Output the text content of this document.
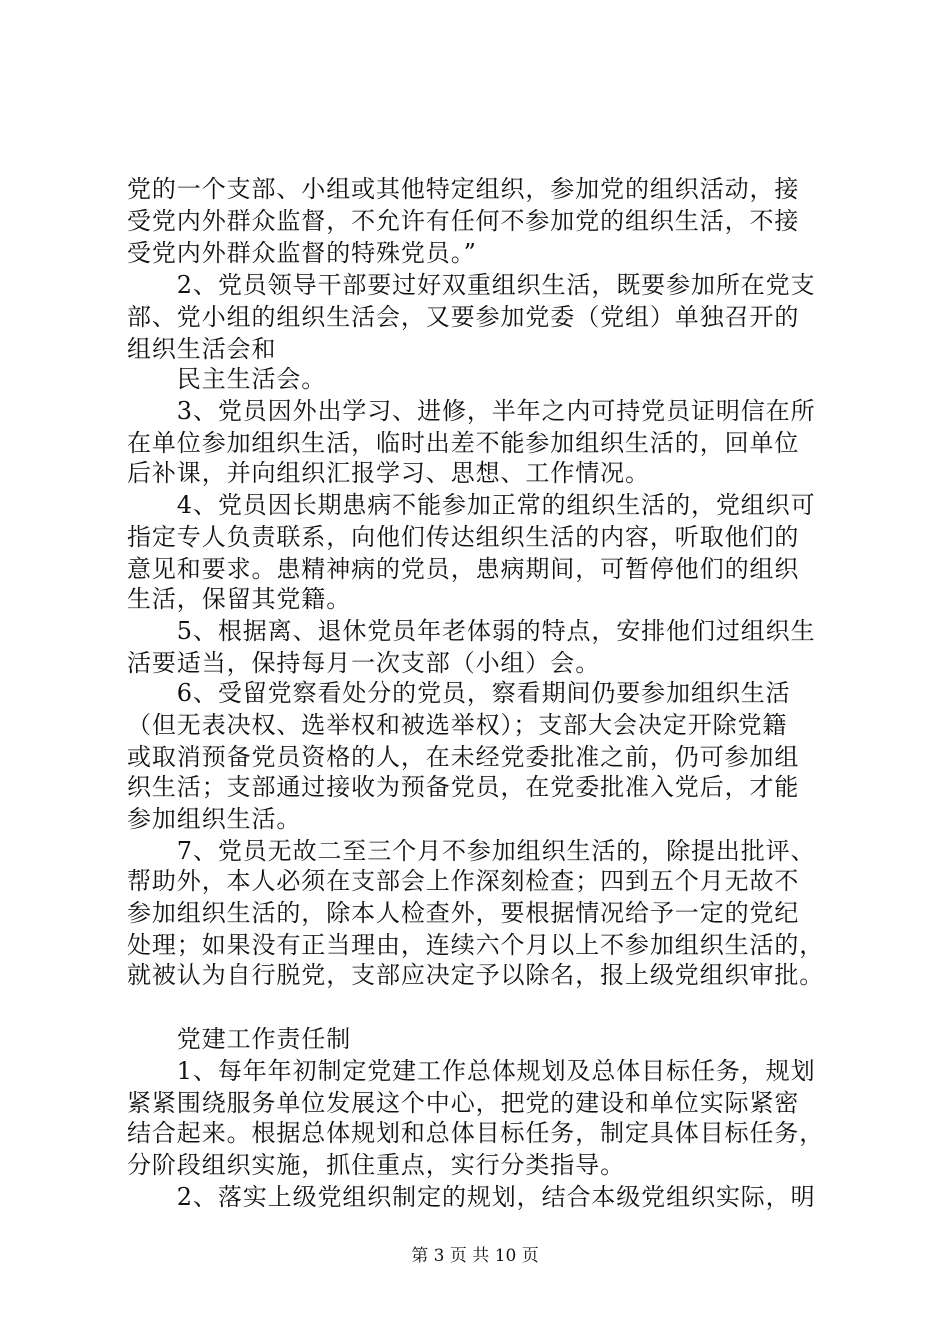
党的一个支部、小组或其他特定组织，参加党的组织活动，接
受党内外群众监督，不允许有任何不参加党的组织生活，不接
受党内外群众监督的特殊党员。”
　　2、党员领导干部要过好双重组织生活，既要参加所在党支
部、党小组的组织生活会，又要参加党委（党组）单独召开的
组织生活会和
　　民主生活会。
　　3、党员因外出学习、进修，半年之内可持党员证明信在所
在单位参加组织生活，临时出差不能参加组织生活的，回单位
后补课，并向组织汇报学习、思想、工作情况。
　　4、党员因长期患病不能参加正常的组织生活的，党组织可
指定专人负责联系，向他们传达组织生活的内容，听取他们的
意见和要求。患精神病的党员，患病期间，可暂停他们的组织
生活，保留其党籍。
　　5、根据离、退休党员年老体弱的特点，安排他们过组织生
活要适当，保持每月一次支部（小组）会。
　　6、受留党察看处分的党员，察看期间仍要参加组织生活
（但无表决权、选举权和被选举权）；支部大会决定开除党籍
或取消预备党员资格的人，在未经党委批准之前，仍可参加组
织生活；支部通过接收为预备党员，在党委批准入党后，才能
参加组织生活。
　　7、党员无故二至三个月不参加组织生活的，除提出批评、
帮助外，本人必须在支部会上作深刻检查；四到五个月无故不
参加组织生活的，除本人检查外，要根据情况给予一定的党纪
处理；如果没有正当理由，连续六个月以上不参加组织生活的，
就被认为自行脱党，支部应决定予以除名，报上级党组织审批。
　　党建工作责任制
　　1、每年年初制定党建工作总体规划及总体目标任务，规划
紧紧围绕服务单位发展这个中心，把党的建设和单位实际紧密
结合起来。根据总体规划和总体目标任务，制定具体目标任务，
分阶段组织实施，抓住重点，实行分类指导。
　　2、落实上级党组织制定的规划，结合本级党组织实际，明
第 3 页 共 10 页
